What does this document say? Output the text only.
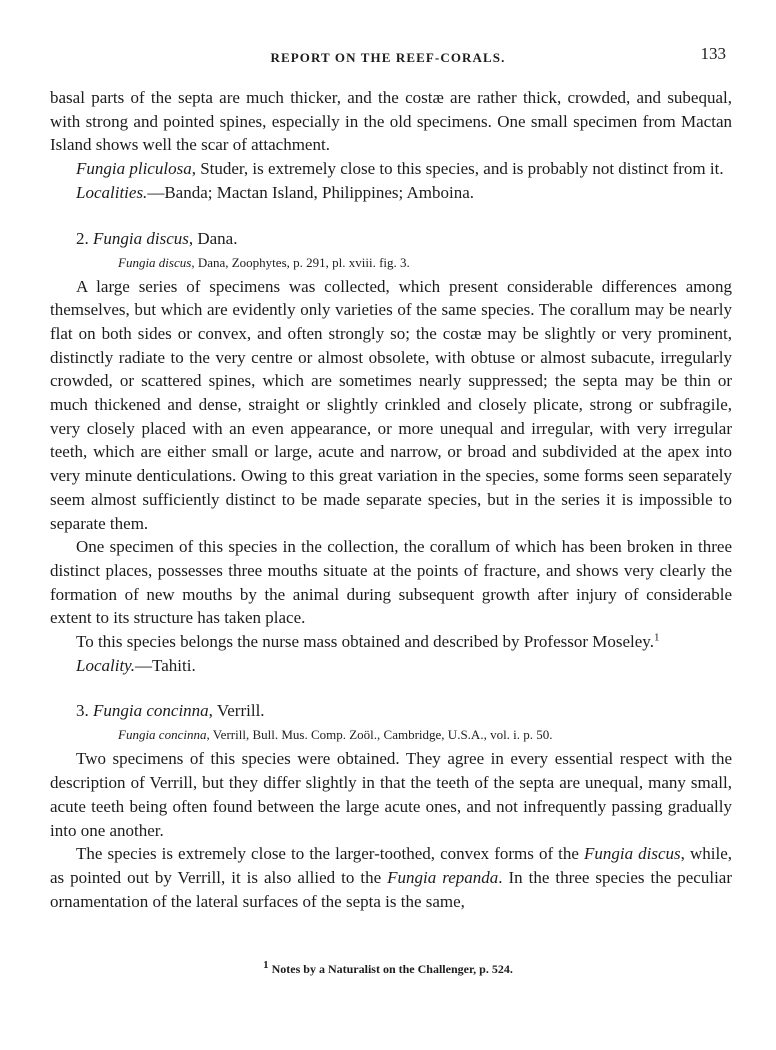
REPORT ON THE REEF-CORALS.	133

basal parts of the septa are much thicker, and the costæ are rather thick, crowded, and subequal, with strong and pointed spines, especially in the old specimens. One small specimen from Mactan Island shows well the scar of attachment.

Fungia pliculosa, Studer, is extremely close to this species, and is probably not distinct from it.

Localities.—Banda; Mactan Island, Philippines; Amboina.

2. Fungia discus, Dana.
Fungia discus, Dana, Zoophytes, p. 291, pl. xviii. fig. 3.

A large series of specimens was collected, which present considerable differences among themselves, but which are evidently only varieties of the same species. The corallum may be nearly flat on both sides or convex, and often strongly so; the costæ may be slightly or very prominent, distinctly radiate to the very centre or almost obsolete, with obtuse or almost subacute, irregularly crowded, or scattered spines, which are sometimes nearly suppressed; the septa may be thin or much thickened and dense, straight or slightly crinkled and closely plicate, strong or subfragile, very closely placed with an even appearance, or more unequal and irregular, with very irregular teeth, which are either small or large, acute and narrow, or broad and subdivided at the apex into very minute denticulations. Owing to this great variation in the species, some forms seen separately seem almost sufficiently distinct to be made separate species, but in the series it is impossible to separate them.

One specimen of this species in the collection, the corallum of which has been broken in three distinct places, possesses three mouths situate at the points of fracture, and shows very clearly the formation of new mouths by the animal during subsequent growth after injury of considerable extent to its structure has taken place.

To this species belongs the nurse mass obtained and described by Professor Moseley.$^1$

Locality.—Tahiti.

3. Fungia concinna, Verrill.
Fungia concinna, Verrill, Bull. Mus. Comp. Zoöl., Cambridge, U.S.A., vol. i. p. 50.

Two specimens of this species were obtained. They agree in every essential respect with the description of Verrill, but they differ slightly in that the teeth of the septa are unequal, many small, acute teeth being often found between the large acute ones, and not infrequently passing gradually into one another.

The species is extremely close to the larger-toothed, convex forms of the Fungia discus, while, as pointed out by Verrill, it is also allied to the Fungia repanda. In the three species the peculiar ornamentation of the lateral surfaces of the septa is the same,

$^1$ Notes by a Naturalist on the Challenger, p. 524.
